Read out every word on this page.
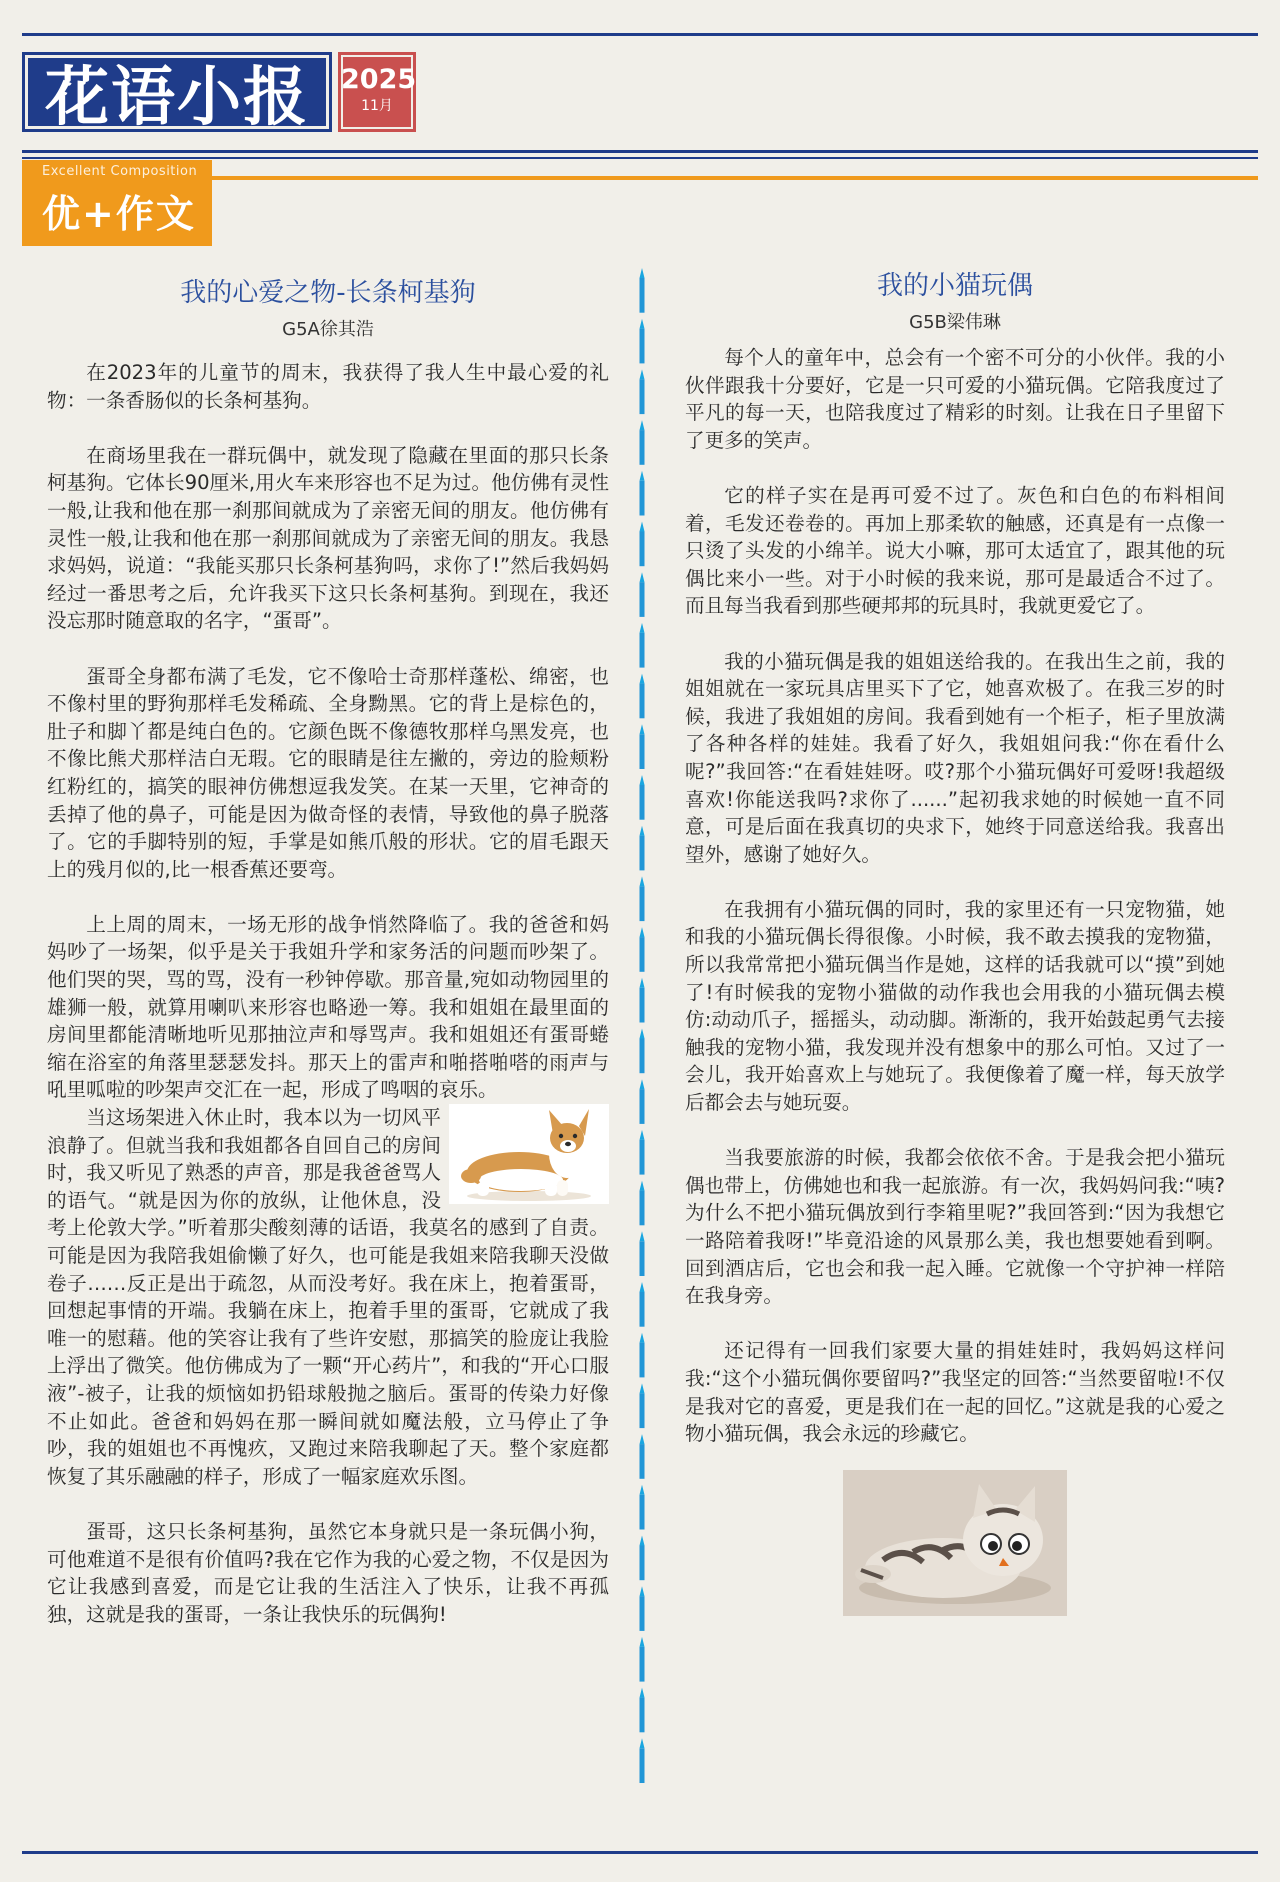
花语小报	2025
11月
Excellent Composition
优+作文
我的心爱之物-长条柯基狗
G5A徐其浩

在2023年的儿童节的周末，我获得了我人生中最心爱的礼物：一条香肠似的长条柯基狗。

在商场里我在一群玩偶中，就发现了隐藏在里面的那只长条柯基狗。它体长90厘米,用火车来形容也不足为过。他仿佛有灵性一般,让我和他在那一刹那间就成为了亲密无间的朋友。他仿佛有灵性一般,让我和他在那一刹那间就成为了亲密无间的朋友。我恳求妈妈，说道：“我能买那只长条柯基狗吗，求你了!”然后我妈妈经过一番思考之后，允许我买下这只长条柯基狗。到现在，我还没忘那时随意取的名字，“蛋哥”。

蛋哥全身都布满了毛发，它不像哈士奇那样蓬松、绵密，也不像村里的野狗那样毛发稀疏、全身黝黑。它的背上是棕色的，肚子和脚丫都是纯白色的。它颜色既不像德牧那样乌黑发亮，也不像比熊犬那样洁白无瑕。它的眼睛是往左撇的，旁边的脸颊粉红粉红的，搞笑的眼神仿佛想逗我发笑。在某一天里，它神奇的丢掉了他的鼻子，可能是因为做奇怪的表情，导致他的鼻子脱落了。它的手脚特别的短，手掌是如熊爪般的形状。它的眉毛跟天上的残月似的,比一根香蕉还要弯。

上上周的周末，一场无形的战争悄然降临了。我的爸爸和妈妈吵了一场架，似乎是关于我姐升学和家务活的问题而吵架了。他们哭的哭，骂的骂，没有一秒钟停歇。那音量,宛如动物园里的雄狮一般，就算用喇叭来形容也略逊一筹。我和姐姐在最里面的房间里都能清晰地听见那抽泣声和辱骂声。我和姐姐还有蛋哥蜷缩在浴室的角落里瑟瑟发抖。那天上的雷声和啪搭啪嗒的雨声与吼里呱啦的吵架声交汇在一起，形成了鸣咽的哀乐。

当这场架进入休止时，我本以为一切风平浪静了。但就当我和我姐都各自回自己的房间时，我又听见了熟悉的声音，那是我爸爸骂人的语气。“就是因为你的放纵，让他休息，没考上伦敦大学。”听着那尖酸刻薄的话语，我莫名的感到了自责。可能是因为我陪我姐偷懒了好久，也可能是我姐来陪我聊天没做卷子……反正是出于疏忽，从而没考好。我在床上，抱着蛋哥，回想起事情的开端。我躺在床上，抱着手里的蛋哥，它就成了我唯一的慰藉。他的笑容让我有了些许安慰，那搞笑的脸庞让我脸上浮出了微笑。他仿佛成为了一颗“开心药片”，和我的“开心口服液”-被子，让我的烦恼如扔铅球般抛之脑后。蛋哥的传染力好像不止如此。爸爸和妈妈在那一瞬间就如魔法般，立马停止了争吵，我的姐姐也不再愧疚，又跑过来陪我聊起了天。整个家庭都恢复了其乐融融的样子，形成了一幅家庭欢乐图。

蛋哥，这只长条柯基狗，虽然它本身就只是一条玩偶小狗，可他难道不是很有价值吗?我在它作为我的心爱之物，不仅是因为它让我感到喜爱，而是它让我的生活注入了快乐，让我不再孤独，这就是我的蛋哥，一条让我快乐的玩偶狗!

我的小猫玩偶
G5B梁伟琳

每个人的童年中，总会有一个密不可分的小伙伴。我的小伙伴跟我十分要好，它是一只可爱的小猫玩偶。它陪我度过了平凡的每一天，也陪我度过了精彩的时刻。让我在日子里留下了更多的笑声。

它的样子实在是再可爱不过了。灰色和白色的布料相间着，毛发还卷卷的。再加上那柔软的触感，还真是有一点像一只烫了头发的小绵羊。说大小嘛，那可太适宜了，跟其他的玩偶比来小一些。对于小时候的我来说，那可是最适合不过了。而且每当我看到那些硬邦邦的玩具时，我就更爱它了。

我的小猫玩偶是我的姐姐送给我的。在我出生之前，我的姐姐就在一家玩具店里买下了它，她喜欢极了。在我三岁的时候，我进了我姐姐的房间。我看到她有一个柜子，柜子里放满了各种各样的娃娃。我看了好久，我姐姐问我:“你在看什么呢?”我回答:“在看娃娃呀。哎?那个小猫玩偶好可爱呀!我超级喜欢!你能送我吗?求你了......”起初我求她的时候她一直不同意，可是后面在我真切的央求下，她终于同意送给我。我喜出望外，感谢了她好久。

在我拥有小猫玩偶的同时，我的家里还有一只宠物猫，她和我的小猫玩偶长得很像。小时候，我不敢去摸我的宠物猫，所以我常常把小猫玩偶当作是她，这样的话我就可以“摸”到她了!有时候我的宠物小猫做的动作我也会用我的小猫玩偶去模仿:动动爪子，摇摇头，动动脚。渐渐的，我开始鼓起勇气去接触我的宠物小猫，我发现并没有想象中的那么可怕。又过了一会儿，我开始喜欢上与她玩了。我便像着了魔一样，每天放学后都会去与她玩耍。

当我要旅游的时候，我都会依依不舍。于是我会把小猫玩偶也带上，仿佛她也和我一起旅游。有一次，我妈妈问我:“咦?为什么不把小猫玩偶放到行李箱里呢?”我回答到:“因为我想它一路陪着我呀!”毕竟沿途的风景那么美，我也想要她看到啊。回到酒店后，它也会和我一起入睡。它就像一个守护神一样陪在我身旁。

还记得有一回我们家要大量的捐娃娃时，我妈妈这样问我:“这个小猫玩偶你要留吗?”我坚定的回答:“当然要留啦!不仅是我对它的喜爱，更是我们在一起的回忆。”这就是我的心爱之物小猫玩偶，我会永远的珍藏它。
